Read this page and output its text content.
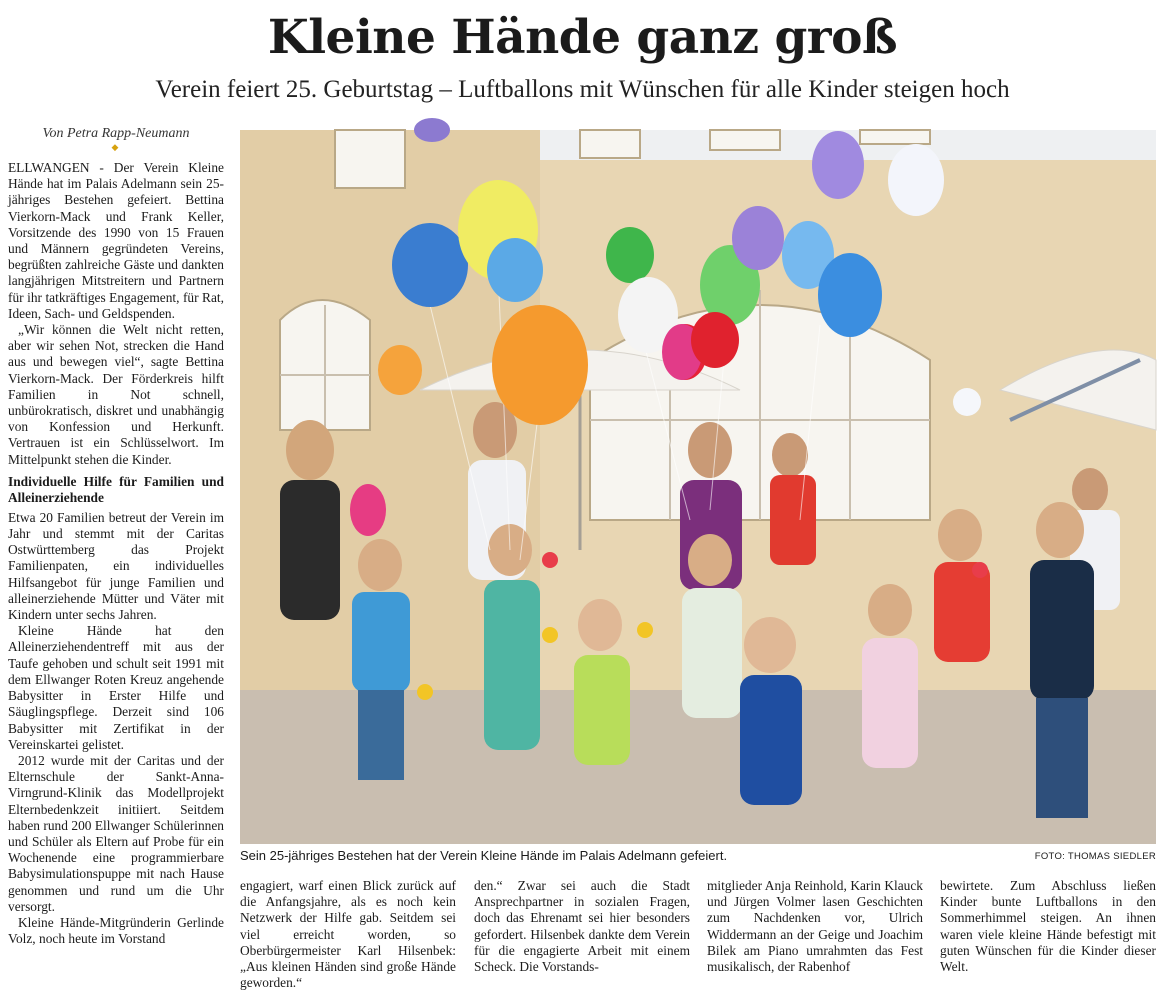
Kleine Hände ganz groß
Verein feiert 25. Geburtstag – Luftballons mit Wünschen für alle Kinder steigen hoch
Von Petra Rapp-Neumann
◆

ELLWANGEN - Der Verein Kleine Hände hat im Palais Adelmann sein 25-jähriges Bestehen gefeiert. Bettina Vierkorn-Mack und Frank Keller, Vorsitzende des 1990 von 15 Frauen und Männern gegründeten Vereins, begrüßten zahlreiche Gäste und dankten langjährigen Mitstreitern und Partnern für ihr tatkräftiges Engagement, für Rat, Ideen, Sach- und Geldspenden.

„Wir können die Welt nicht retten, aber wir sehen Not, strecken die Hand aus und bewegen viel“, sagte Bettina Vierkorn-Mack. Der Förderkreis hilft Familien in Not schnell, unbürokratisch, diskret und unabhängig von Konfession und Herkunft. Vertrauen ist ein Schlüsselwort. Im Mittelpunkt stehen die Kinder.

Individuelle Hilfe für Familien und Alleinerziehende

Etwa 20 Familien betreut der Verein im Jahr und stemmt mit der Caritas Ostwürttemberg das Projekt Familienpaten, ein individuelles Hilfsangebot für junge Familien und alleinerziehende Mütter und Väter mit Kindern unter sechs Jahren.

Kleine Hände hat den Alleinerziehendentreff mit aus der Taufe gehoben und schult seit 1991 mit dem Ellwanger Roten Kreuz angehende Babysitter in Erster Hilfe und Säuglingspflege. Derzeit sind 106 Babysitter mit Zertifikat in der Vereinskartei gelistet.

2012 wurde mit der Caritas und der Elternschule der Sankt-Anna-Virngrund-Klinik das Modellprojekt Elternbedenkzeit initiiert. Seitdem haben rund 200 Ellwanger Schülerinnen und Schüler als Eltern auf Probe für ein Wochenende eine programmierbare Babysimulationspuppe mit nach Hause genommen und rund um die Uhr versorgt.

Kleine Hände-Mitgründerin Gerlinde Volz, noch heute im Vorstand

Sein 25-jähriges Bestehen hat der Verein Kleine Hände im Palais Adelmann gefeiert.	FOTO: THOMAS SIEDLER

engagiert, warf einen Blick zurück auf die Anfangsjahre, als es noch kein Netzwerk der Hilfe gab. Seitdem sei viel erreicht worden, so Oberbürgermeister Karl Hilsenbek: „Aus kleinen Händen sind große Hände geworden.“

den.“ Zwar sei auch die Stadt Ansprechpartner in sozialen Fragen, doch das Ehrenamt sei hier besonders gefordert. Hilsenbek dankte dem Verein für die engagierte Arbeit mit einem Scheck. Die Vorstands-

mitglieder Anja Reinhold, Karin Klauck und Jürgen Volmer lasen Geschichten zum Nachdenken vor, Ulrich Widdermann an der Geige und Joachim Bilek am Piano umrahmten das Fest musikalisch, der Rabenhof

bewirtete. Zum Abschluss ließen Kinder bunte Luftballons in den Sommerhimmel steigen. An ihnen waren viele kleine Hände befestigt mit guten Wünschen für die Kinder dieser Welt.
